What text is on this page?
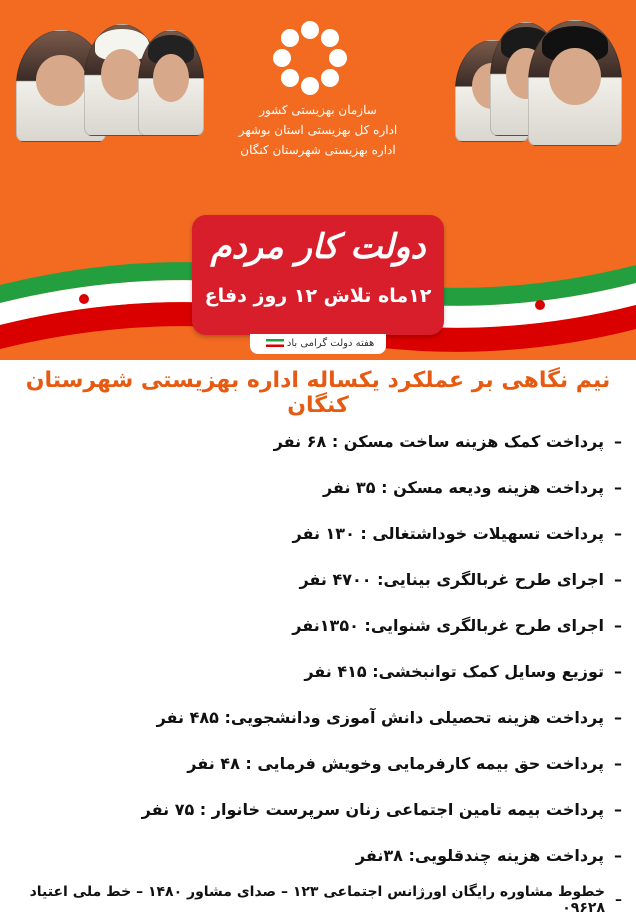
سازمان بهزیستی کشور
اداره کل بهزیستی استان بوشهر
اداره بهزیستی شهرستان کنگان
دولت کار مردم
۱۲ماه تلاش ۱۲ روز دفاع
هفته دولت گرامی باد
نیم نگاهی بر عملکرد یکساله اداره بهزیستی شهرستان کنگان
–
پرداخت کمک هزینه ساخت مسکن : ۶۸ نفر
–
پرداخت هزینه ودیعه مسکن : ۳۵ نفر
–
پرداخت تسهیلات خوداشتغالی : ۱۳۰ نفر
–
اجرای طرح غربالگری بینایی: ۴۷۰۰ نفر
–
اجرای طرح غربالگری شنوایی: ۱۳۵۰نفر
–
توزیع وسایل کمک توانبخشی: ۴۱۵ نفر
–
پرداخت هزینه تحصیلی دانش آموزی ودانشجویی: ۴۸۵ نفر
–
پرداخت حق بیمه کارفرمایی وخویش فرمایی : ۴۸ نفر
–
پرداخت بیمه تامین اجتماعی زنان سرپرست خانوار : ۷۵ نفر
–
پرداخت هزینه چندقلویی: ۳۸نفر
–
خطوط مشاوره رایگان اورژانس اجتماعی ۱۲۳ – صدای مشاور ۱۴۸۰ – خط ملی اعتیاد ۰۹۶۲۸
